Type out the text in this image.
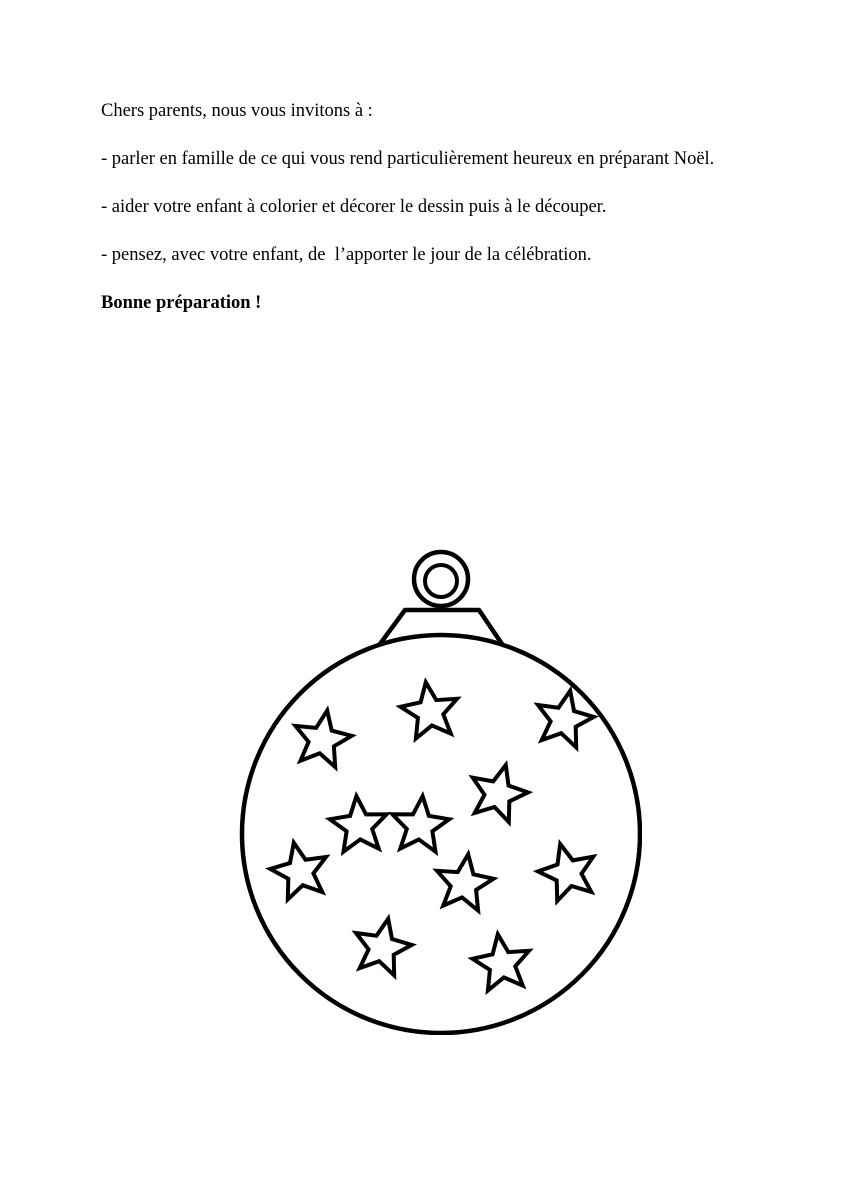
Chers parents, nous vous invitons à :

- parler en famille de ce qui vous rend particulièrement heureux en préparant Noël.

- aider votre enfant à colorier et décorer le dessin puis à le découper.

- pensez, avec votre enfant, de  l’apporter le jour de la célébration.

Bonne préparation !
